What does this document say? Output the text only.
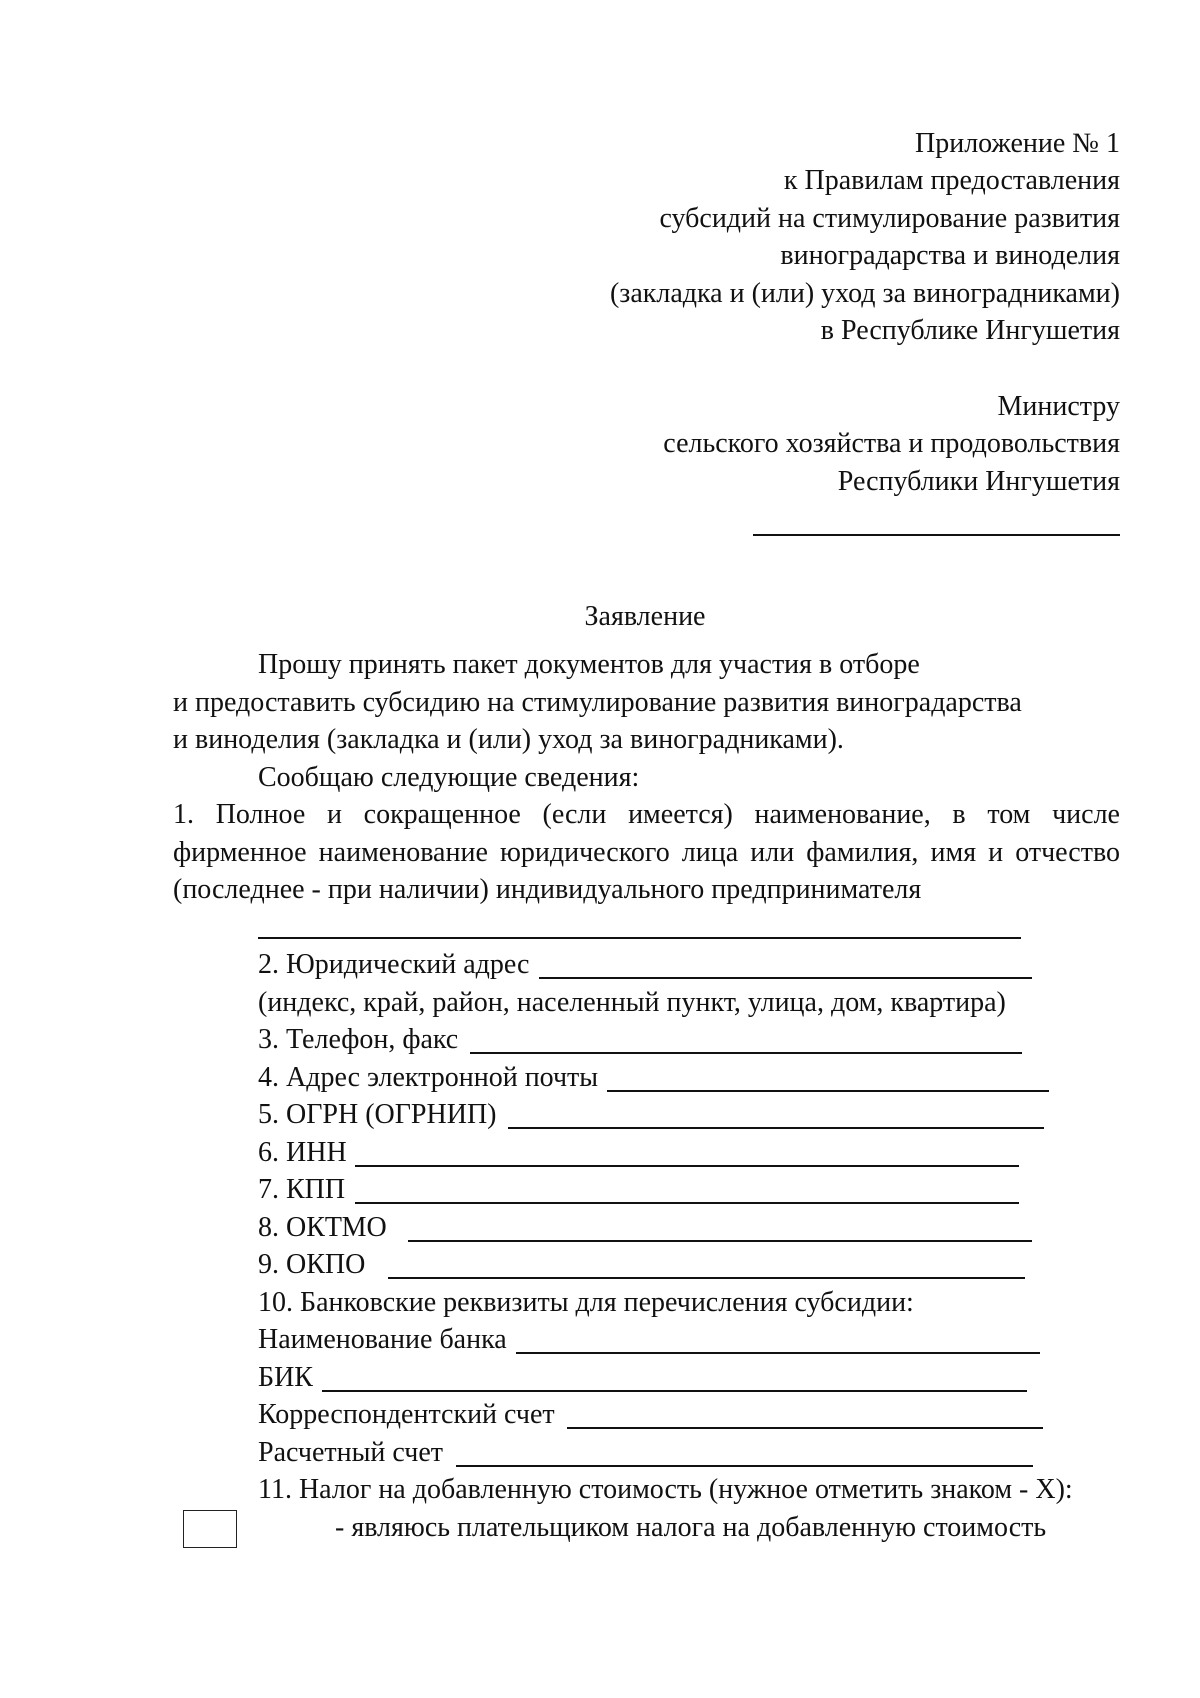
Приложение № 1
к Правилам предоставления
субсидий на стимулирование развития
виноградарства и виноделия
(закладка и (или) уход за виноградниками)
в Республике Ингушетия
Министру
сельского хозяйства и продовольствия
Республики Ингушетия
Заявление
Прошу принять пакет документов для участия в отборе
и предоставить субсидию на стимулирование развития виноградарства
и виноделия (закладка и (или) уход за виноградниками).
Сообщаю следующие сведения:
1. Полное и сокращенное (если имеется) наименование, в том числе
фирменное наименование юридического лица или фамилия, имя и отчество
(последнее - при наличии) индивидуального предпринимателя
2. Юридический адрес
(индекс, край, район, населенный пункт, улица, дом, квартира)
3. Телефон, факс
4. Адрес электронной почты
5. ОГРН (ОГРНИП)
6. ИНН
7. КПП
8. ОКТМО
9. ОКПО
10. Банковские реквизиты для перечисления субсидии:
Наименование банка
БИК
Корреспондентский счет
Расчетный счет
11. Налог на добавленную стоимость (нужное отметить знаком - X):
- являюсь плательщиком налога на добавленную стоимость
